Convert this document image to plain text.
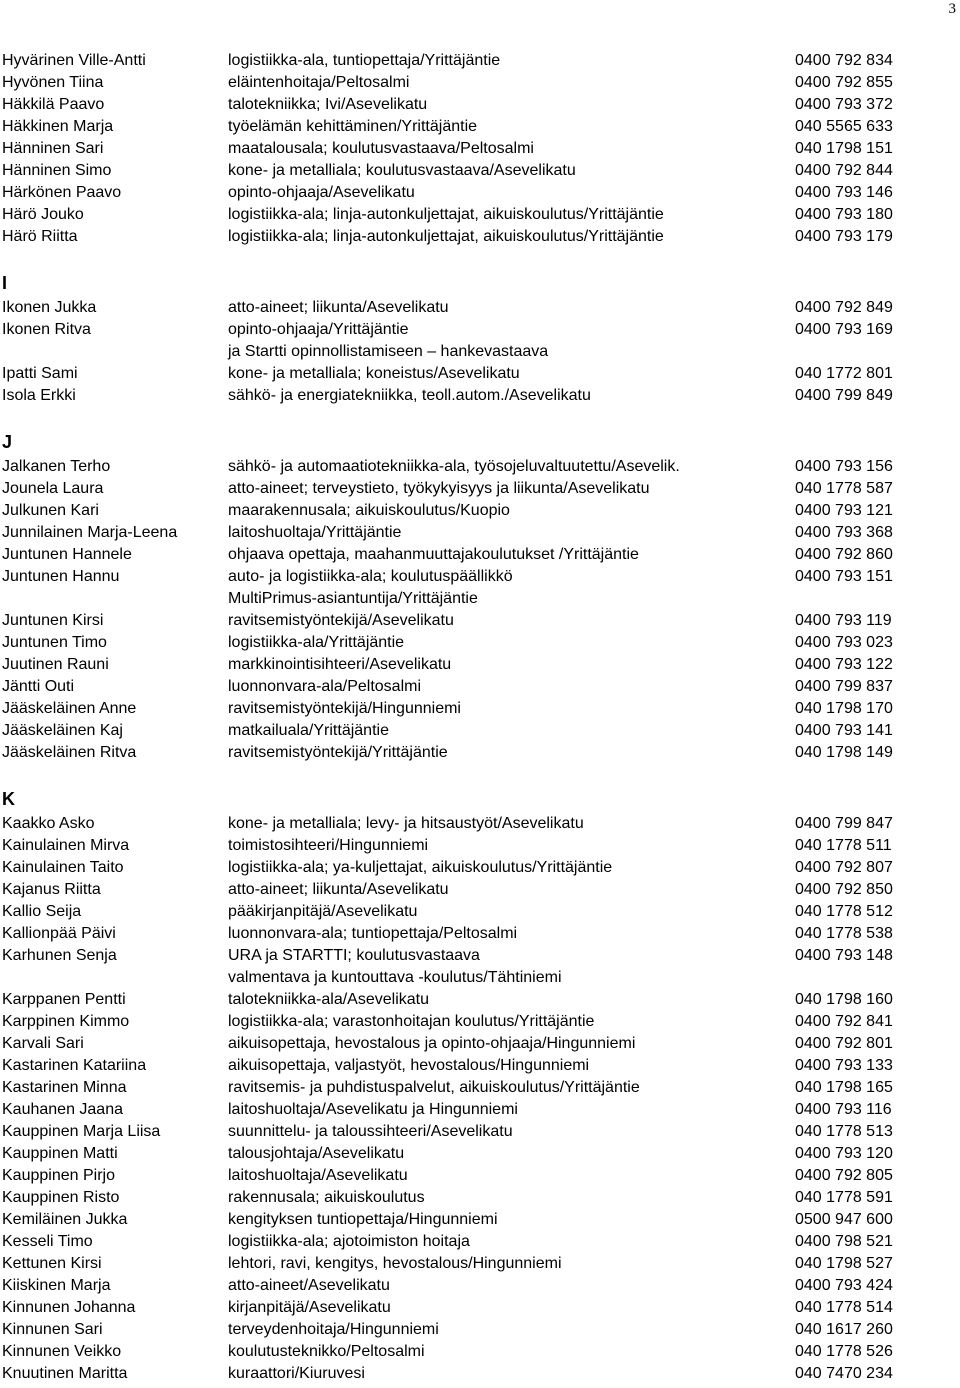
3
Hyvärinen Ville-Antti	logistiikka-ala, tuntiopettaja/Yrittäjäntie	0400 792 834
Hyvönen Tiina	eläintenhoitaja/Peltosalmi	0400 792 855
Häkkilä Paavo	talotekniikka; Ivi/Asevelikatu	0400 793 372
Häkkinen Marja	työelämän kehittäminen/Yrittäjäntie	040 5565 633
Hänninen Sari	maatalousala; koulutusvastaava/Peltosalmi	040 1798 151
Hänninen Simo	kone- ja metalliala; koulutusvastaava/Asevelikatu	0400 792 844
Härkönen Paavo	opinto-ohjaaja/Asevelikatu	0400 793 146
Härö Jouko	logistiikka-ala; linja-autonkuljettajat, aikuiskoulutus/Yrittäjäntie	0400 793 180
Härö Riitta	logistiikka-ala; linja-autonkuljettajat, aikuiskoulutus/Yrittäjäntie	0400 793 179
I
Ikonen Jukka	atto-aineet; liikunta/Asevelikatu	0400 792 849
Ikonen Ritva	opinto-ohjaaja/Yrittäjäntie	0400 793 169
ja Startti opinnollistamiseen – hankevastaava
Ipatti Sami	kone- ja metalliala; koneistus/Asevelikatu	040 1772 801
Isola Erkki	sähkö- ja energiatekniikka, teoll.autom./Asevelikatu	0400 799 849
J
Jalkanen Terho	sähkö- ja automaatiotekniikka-ala, työsojeluvaltuutettu/Asevelik.	0400 793 156
Jounela Laura	atto-aineet; terveystieto, työkykyisyys ja liikunta/Asevelikatu	040 1778 587
Julkunen Kari	maarakennusala; aikuiskoulutus/Kuopio	0400 793 121
Junnilainen Marja-Leena	laitoshuoltaja/Yrittäjäntie	0400 793 368
Juntunen Hannele	ohjaava opettaja, maahanmuuttajakoulutukset /Yrittäjäntie	0400 792 860
Juntunen Hannu	auto- ja logistiikka-ala; koulutuspäällikkö	0400 793 151
MultiPrimus-asiantuntija/Yrittäjäntie
Juntunen Kirsi	ravitsemistyöntekijä/Asevelikatu	0400 793 119
Juntunen Timo	logistiikka-ala/Yrittäjäntie	0400 793 023
Juutinen Rauni	markkinointisihteeri/Asevelikatu	0400 793 122
Jäntti Outi	luonnonvara-ala/Peltosalmi	0400 799 837
Jääskeläinen Anne	ravitsemistyöntekijä/Hingunniemi	040 1798 170
Jääskeläinen Kaj	matkailuala/Yrittäjäntie	0400 793 141
Jääskeläinen Ritva	ravitsemistyöntekijä/Yrittäjäntie	040 1798 149
K
Kaakko Asko	kone- ja metalliala; levy- ja hitsaustyöt/Asevelikatu	0400 799 847
Kainulainen Mirva	toimistosihteeri/Hingunniemi	040 1778 511
Kainulainen Taito	logistiikka-ala; ya-kuljettajat, aikuiskoulutus/Yrittäjäntie	0400 792 807
Kajanus Riitta	atto-aineet; liikunta/Asevelikatu	0400 792 850
Kallio Seija	pääkirjanpitäjä/Asevelikatu	040 1778 512
Kallionpää Päivi	luonnonvara-ala; tuntiopettaja/Peltosalmi	040 1778 538
Karhunen Senja	URA ja STARTTI; koulutusvastaava	0400 793 148
valmentava ja kuntouttava -koulutus/Tähtiniemi
Karppanen Pentti	talotekniikka-ala/Asevelikatu	040 1798 160
Karppinen Kimmo	logistiikka-ala; varastonhoitajan koulutus/Yrittäjäntie	0400 792 841
Karvali Sari	aikuisopettaja, hevostalous ja opinto-ohjaaja/Hingunniemi	0400 792 801
Kastarinen Katariina	aikuisopettaja, valjastyöt, hevostalous/Hingunniemi	0400 793 133
Kastarinen Minna	ravitsemis- ja puhdistuspalvelut, aikuiskoulutus/Yrittäjäntie	040 1798 165
Kauhanen Jaana	laitoshuoltaja/Asevelikatu ja Hingunniemi	0400 793 116
Kauppinen Marja Liisa	suunnittelu- ja taloussihteeri/Asevelikatu	040 1778 513
Kauppinen Matti	talousjohtaja/Asevelikatu	0400 793 120
Kauppinen Pirjo	laitoshuoltaja/Asevelikatu	0400 792 805
Kauppinen Risto	rakennusala; aikuiskoulutus	040 1778 591
Kemiläinen Jukka	kengityksen tuntiopettaja/Hingunniemi	0500 947 600
Kesseli Timo	logistiikka-ala; ajotoimiston hoitaja	0400 798 521
Kettunen Kirsi	lehtori, ravi, kengitys, hevostalous/Hingunniemi	040 1798 527
Kiiskinen Marja	atto-aineet/Asevelikatu	0400 793 424
Kinnunen Johanna	kirjanpitäjä/Asevelikatu	040 1778 514
Kinnunen Sari	terveydenhoitaja/Hingunniemi	040 1617 260
Kinnunen Veikko	koulutusteknikko/Peltosalmi	040 1778 526
Knuutinen Maritta	kuraattori/Kiuruvesi	040 7470 234
